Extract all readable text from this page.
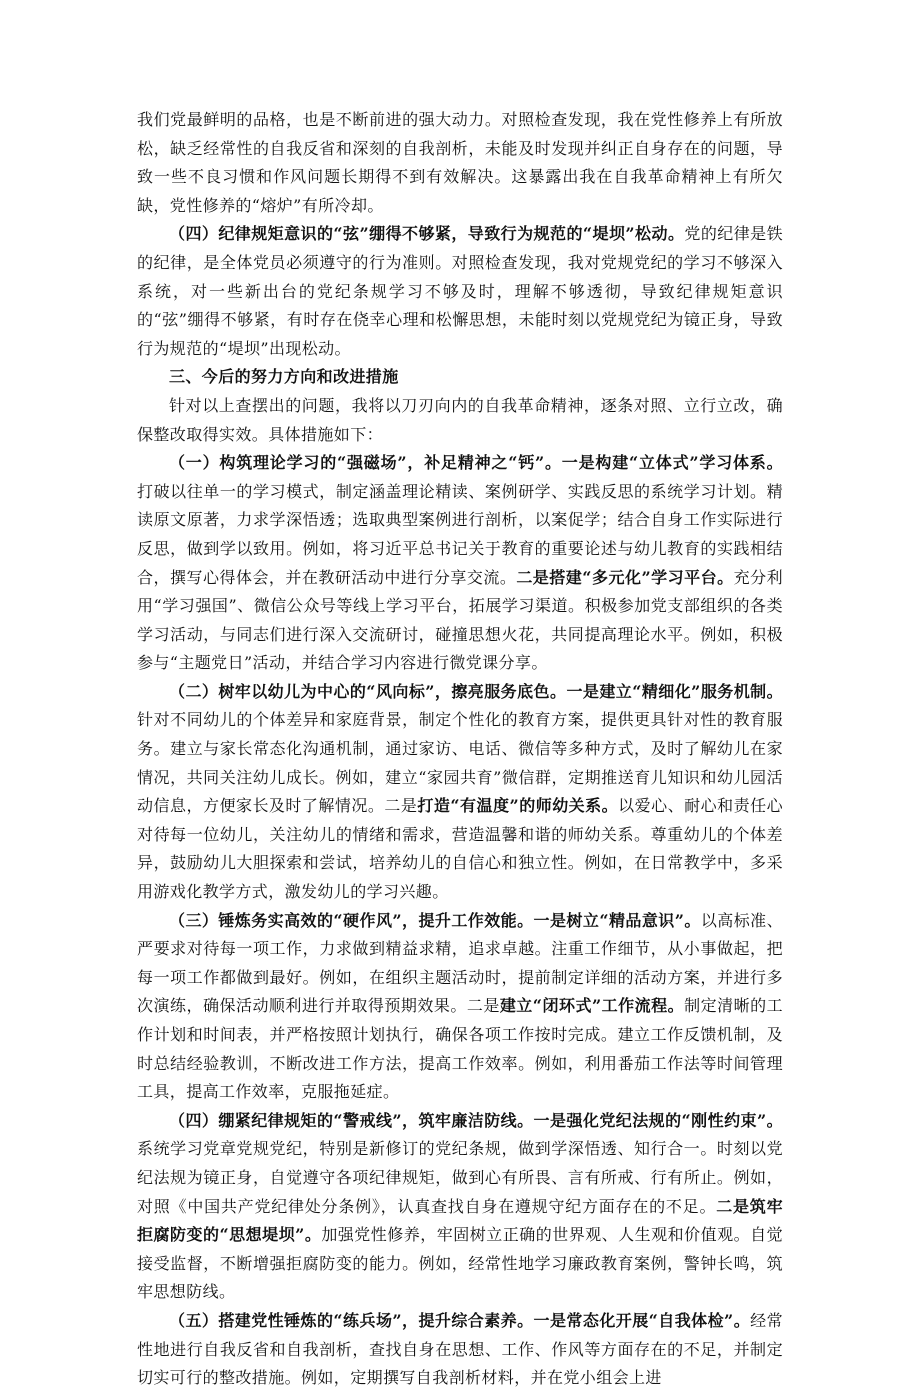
我们党最鲜明的品格，也是不断前进的强大动力。对照检查发现，我在党性修养上有所放松，缺乏经常性的自我反省和深刻的自我剖析，未能及时发现并纠正自身存在的问题，导致一些不良习惯和作风问题长期得不到有效解决。这暴露出我在自我革命精神上有所欠缺，党性修养的“熔炉”有所冷却。

（四）纪律规矩意识的“弦”绷得不够紧，导致行为规范的“堤坝”松动。党的纪律是铁的纪律，是全体党员必须遵守的行为准则。对照检查发现，我对党规党纪的学习不够深入系统，对一些新出台的党纪条规学习不够及时，理解不够透彻，导致纪律规矩意识的“弦”绷得不够紧，有时存在侥幸心理和松懈思想，未能时刻以党规党纪为镜正身，导致行为规范的“堤坝”出现松动。

三、今后的努力方向和改进措施

针对以上查摆出的问题，我将以刀刃向内的自我革命精神，逐条对照、立行立改，确保整改取得实效。具体措施如下：

（一）构筑理论学习的“强磁场”，补足精神之“钙”。一是构建“立体式”学习体系。打破以往单一的学习模式，制定涵盖理论精读、案例研学、实践反思的系统学习计划。精读原文原著，力求学深悟透；选取典型案例进行剖析，以案促学；结合自身工作实际进行反思，做到学以致用。例如，将习近平总书记关于教育的重要论述与幼儿教育的实践相结合，撰写心得体会，并在教研活动中进行分享交流。二是搭建“多元化”学习平台。充分利用“学习强国”、微信公众号等线上学习平台，拓展学习渠道。积极参加党支部组织的各类学习活动，与同志们进行深入交流研讨，碰撞思想火花，共同提高理论水平。例如，积极参与“主题党日”活动，并结合学习内容进行微党课分享。

（二）树牢以幼儿为中心的“风向标”，擦亮服务底色。一是建立“精细化”服务机制。针对不同幼儿的个体差异和家庭背景，制定个性化的教育方案，提供更具针对性的教育服务。建立与家长常态化沟通机制，通过家访、电话、微信等多种方式，及时了解幼儿在家情况，共同关注幼儿成长。例如，建立“家园共育”微信群，定期推送育儿知识和幼儿园活动信息，方便家长及时了解情况。二是打造“有温度”的师幼关系。以爱心、耐心和责任心对待每一位幼儿，关注幼儿的情绪和需求，营造温馨和谐的师幼关系。尊重幼儿的个体差异，鼓励幼儿大胆探索和尝试，培养幼儿的自信心和独立性。例如，在日常教学中，多采用游戏化教学方式，激发幼儿的学习兴趣。

（三）锤炼务实高效的“硬作风”，提升工作效能。一是树立“精品意识”。以高标准、严要求对待每一项工作，力求做到精益求精，追求卓越。注重工作细节，从小事做起，把每一项工作都做到最好。例如，在组织主题活动时，提前制定详细的活动方案，并进行多次演练，确保活动顺利进行并取得预期效果。二是建立“闭环式”工作流程。制定清晰的工作计划和时间表，并严格按照计划执行，确保各项工作按时完成。建立工作反馈机制，及时总结经验教训，不断改进工作方法，提高工作效率。例如，利用番茄工作法等时间管理工具，提高工作效率，克服拖延症。

（四）绷紧纪律规矩的“警戒线”，筑牢廉洁防线。一是强化党纪法规的“刚性约束”。系统学习党章党规党纪，特别是新修订的党纪条规，做到学深悟透、知行合一。时刻以党纪法规为镜正身，自觉遵守各项纪律规矩，做到心有所畏、言有所戒、行有所止。例如，对照《中国共产党纪律处分条例》，认真查找自身在遵规守纪方面存在的不足。二是筑牢拒腐防变的“思想堤坝”。加强党性修养，牢固树立正确的世界观、人生观和价值观。自觉接受监督，不断增强拒腐防变的能力。例如，经常性地学习廉政教育案例，警钟长鸣，筑牢思想防线。

（五）搭建党性锤炼的“练兵场”，提升综合素养。一是常态化开展“自我体检”。经常性地进行自我反省和自我剖析，查找自身在思想、工作、作风等方面存在的不足，并制定切实可行的整改措施。例如，定期撰写自我剖析材料，并在党小组会上进
